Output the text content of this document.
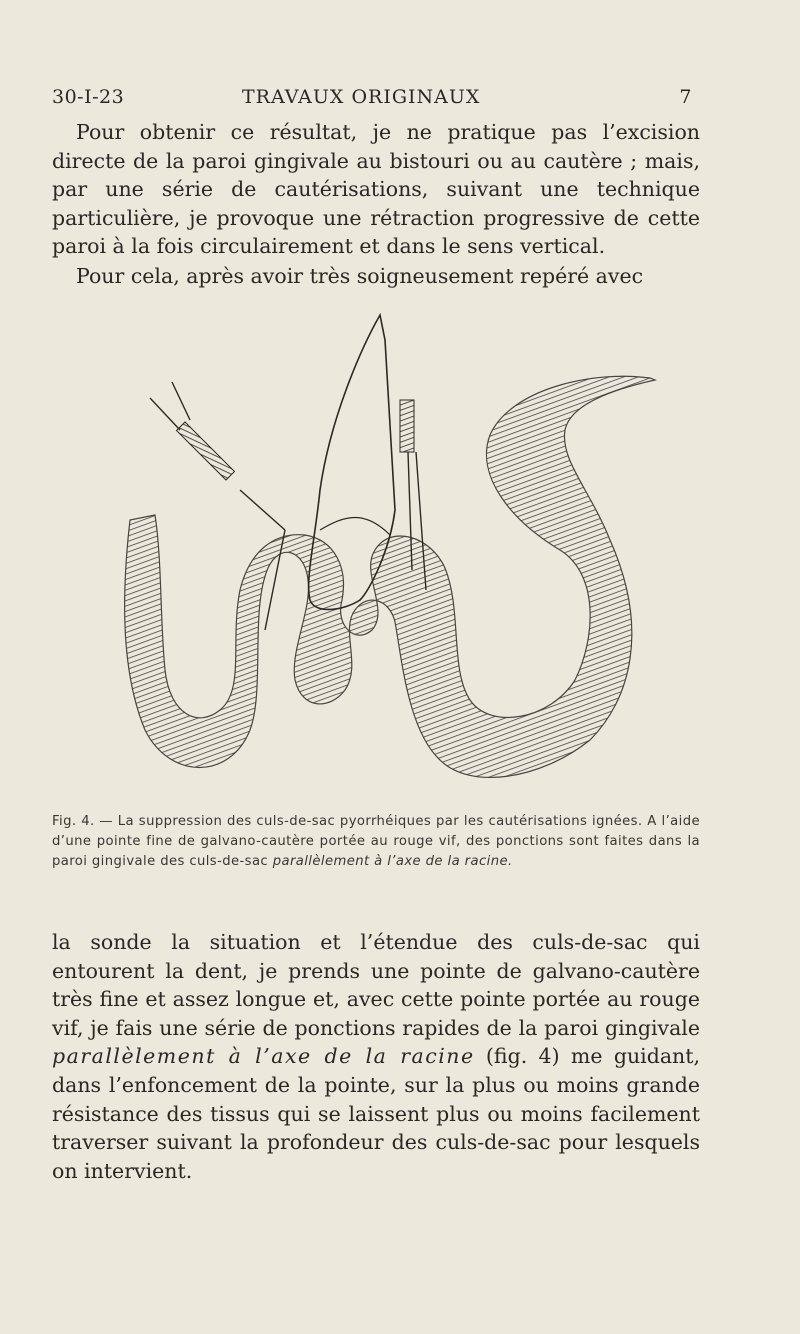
30-I-23	TRAVAUX ORIGINAUX	7

Pour obtenir ce résultat, je ne pratique pas l’excision directe de la paroi gingivale au bistouri ou au cautère ; mais, par une série de cautérisations, suivant une technique particulière, je provoque une rétraction progressive de cette paroi à la fois circulairement et dans le sens vertical.

Pour cela, après avoir très soigneusement repéré avec

Fig. 4. — La suppression des culs-de-sac pyorrhéiques par les cautérisations ignées. A l’aide d’une pointe fine de galvano-cautère portée au rouge vif, des ponctions sont faites dans la paroi gingivale des culs-de-sac parallèlement à l’axe de la racine.

la sonde la situation et l’étendue des culs-de-sac qui entourent la dent, je prends une pointe de galvano-cautère très fine et assez longue et, avec cette pointe portée au rouge vif, je fais une série de ponctions rapides de la paroi gingivale parallèlement à l’axe de la racine (fig. 4) me guidant, dans l’enfoncement de la pointe, sur la plus ou moins grande résistance des tissus qui se laissent plus ou moins facilement traverser suivant la profondeur des culs-de-sac pour lesquels on intervient.
